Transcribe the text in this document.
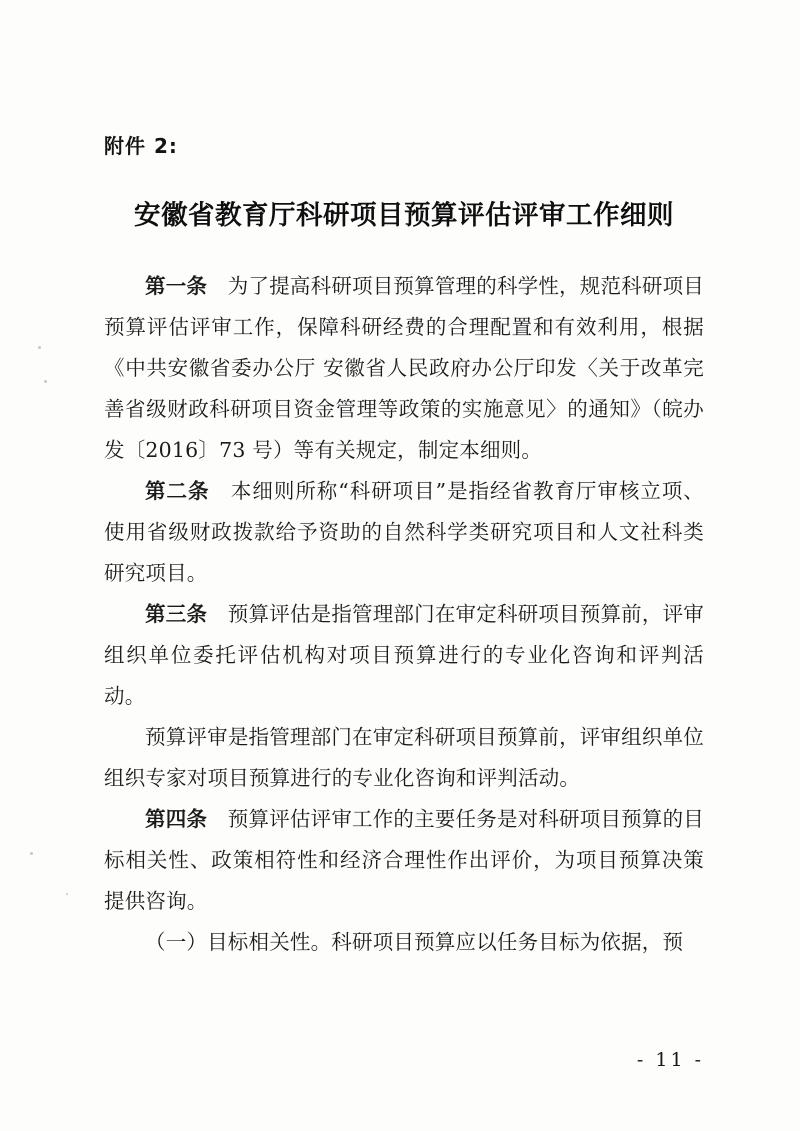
附件 2:
安徽省教育厅科研项目预算评估评审工作细则

第一条　为了提高科研项目预算管理的科学性，规范科研项目预算评估评审工作，保障科研经费的合理配置和有效利用，根据《中共安徽省委办公厅 安徽省人民政府办公厅印发〈关于改革完善省级财政科研项目资金管理等政策的实施意见〉的通知》（皖办发〔2016〕73 号）等有关规定，制定本细则。

第二条　本细则所称“科研项目”是指经省教育厅审核立项、使用省级财政拨款给予资助的自然科学类研究项目和人文社科类研究项目。

第三条　预算评估是指管理部门在审定科研项目预算前，评审组织单位委托评估机构对项目预算进行的专业化咨询和评判活动。

预算评审是指管理部门在审定科研项目预算前，评审组织单位组织专家对项目预算进行的专业化咨询和评判活动。

第四条　预算评估评审工作的主要任务是对科研项目预算的目标相关性、政策相符性和经济合理性作出评价，为项目预算决策提供咨询。

（一）目标相关性。科研项目预算应以任务目标为依据，预

- 11 -
